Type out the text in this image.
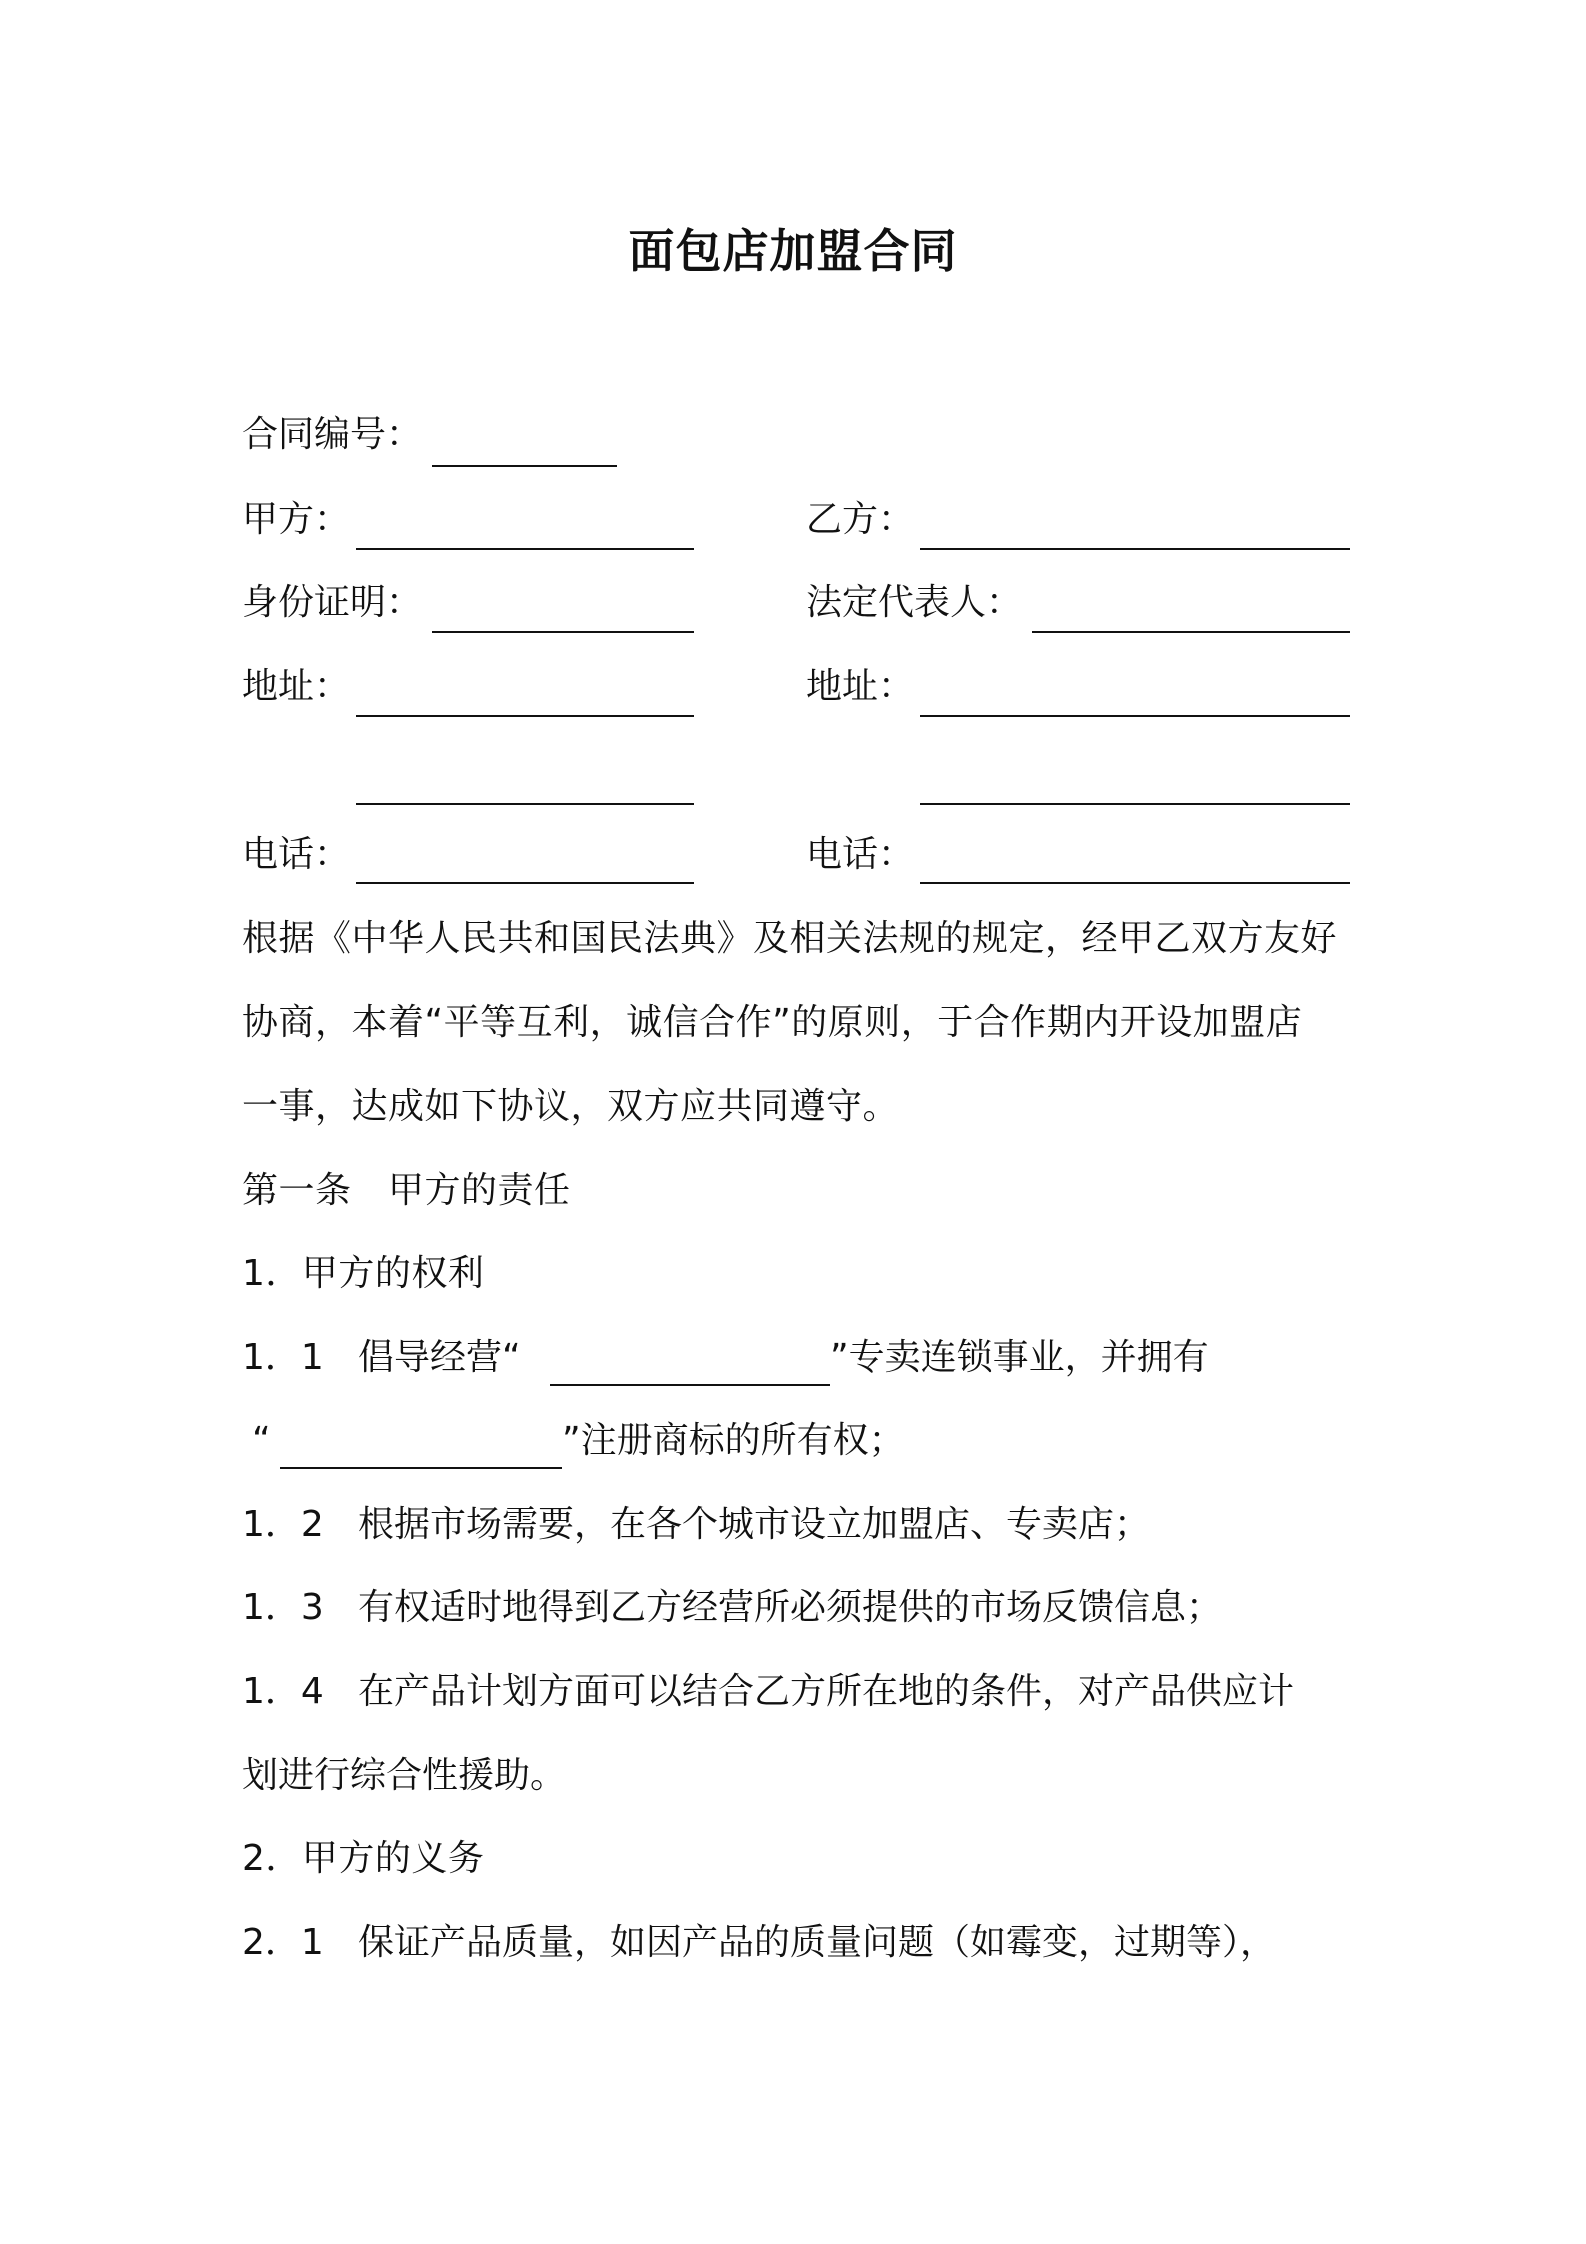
面包店加盟合同
合同编号：
甲方：	乙方：
身份证明：	法定代表人：
地址：	地址：
电话：	电话：
根据《中华人民共和国民法典》及相关法规的规定，经甲乙双方友好
协商，本着“平等互利，诚信合作”的原则，于合作期内开设加盟店
一事，达成如下协议，双方应共同遵守。
第一条　甲方的责任
1．甲方的权利
1．1 倡导经营“	”专卖连锁事业，并拥有
“	”注册商标的所有权；
1．2 根据市场需要，在各个城市设立加盟店、专卖店；
1．3 有权适时地得到乙方经营所必须提供的市场反馈信息；
1．4 在产品计划方面可以结合乙方所在地的条件，对产品供应计
划进行综合性援助。
2．甲方的义务
2．1 保证产品质量，如因产品的质量问题（如霉变，过期等），
